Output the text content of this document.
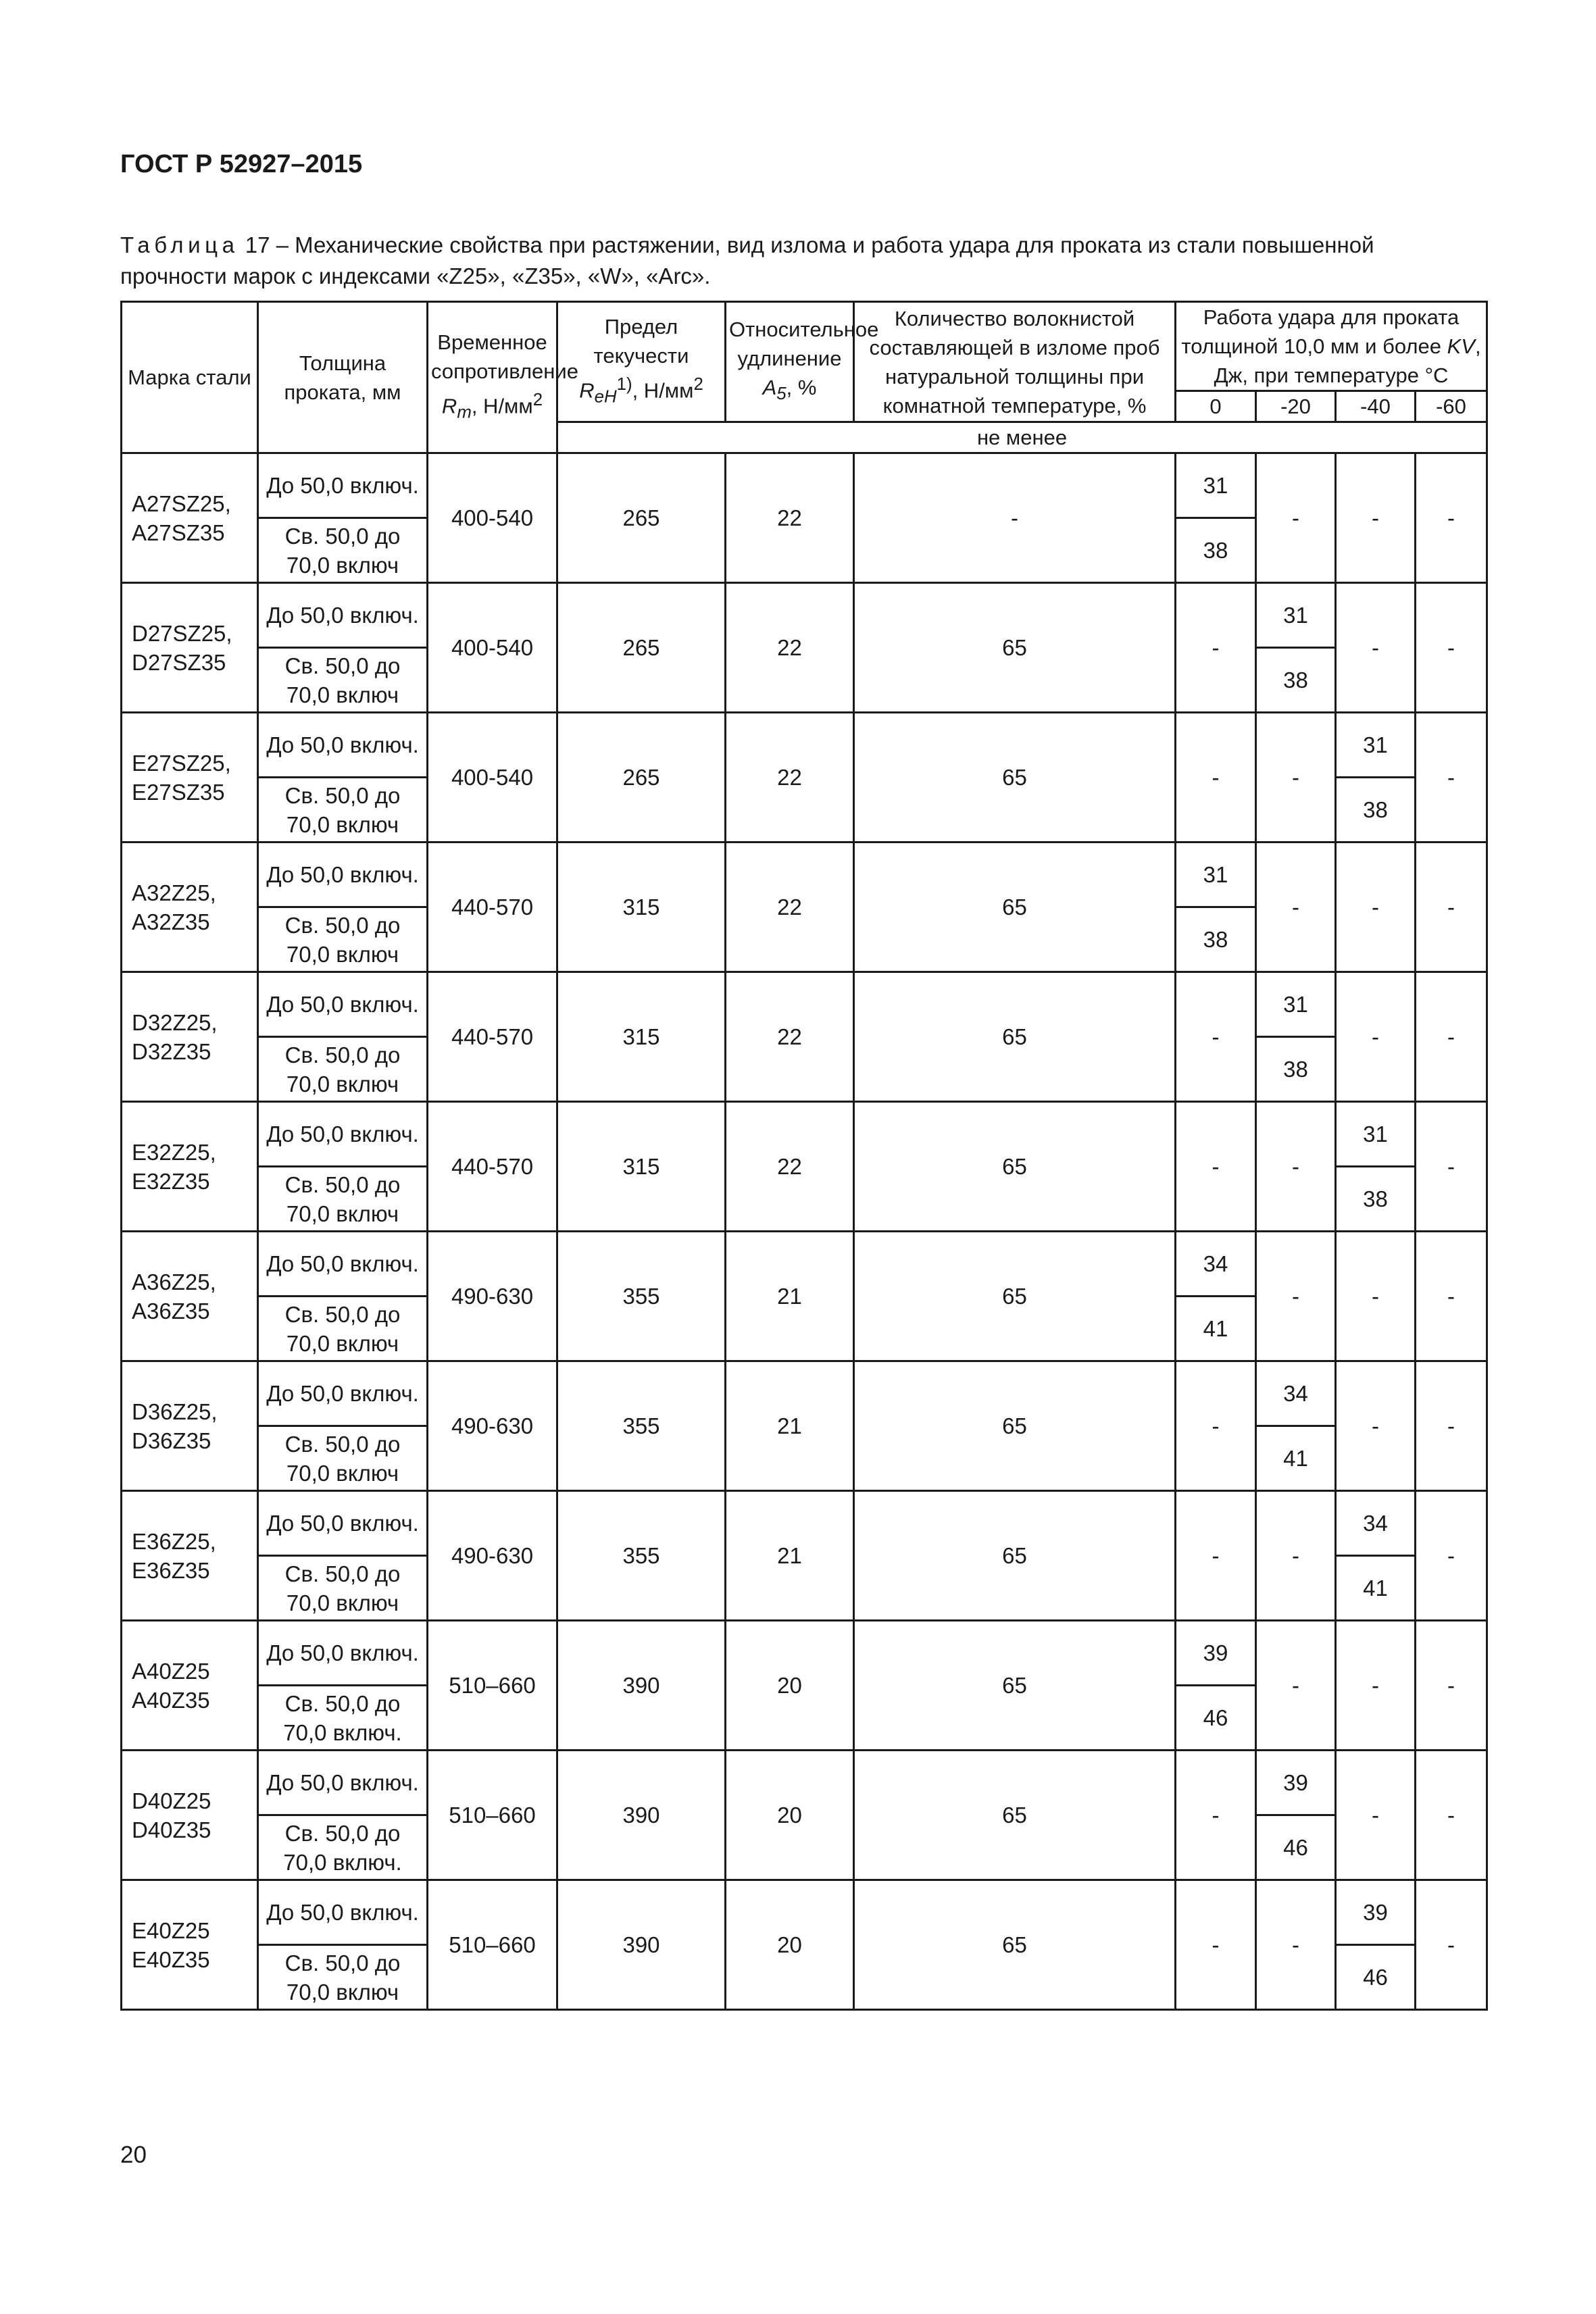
ГОСТ Р 52927–2015

Таблица 17 – Механические свойства при растяжении, вид излома и работа удара для проката из стали повышенной прочности марок с индексами «Z25», «Z35», «W», «Arc».

Марка стали	Толщина проката, мм	Временное сопротивление $R_m$, $Н/мм^2$	Предел текучести
$R_{eH}^{1)}$, $Н/мм^2$	Относительное удлинение $A_5$, %	Количество волокнистой составляющей в изломе проб натуральной толщины при комнатной температуре, %	Работа удара для проката толщиной 10,0 мм и более KV, Дж, при температуре °С			
						0	-20	-40	-60
			не менее						
A27SZ25,
A27SZ35	До 50,0 включ.	400-540	265	22	-	31	-	-	-
	Св. 50,0 до 70,0 включ					38			
D27SZ25,
D27SZ35	До 50,0 включ.	400-540	265	22	65	-	31	-	-
	Св. 50,0 до 70,0 включ						38		
E27SZ25,
E27SZ35	До 50,0 включ.	400-540	265	22	65	-	-	31	-
	Св. 50,0 до 70,0 включ							38	
A32Z25,
A32Z35	До 50,0 включ.	440-570	315	22	65	31	-	-	-
	Св. 50,0 до 70,0 включ					38			
D32Z25,
D32Z35	До 50,0 включ.	440-570	315	22	65	-	31	-	-
	Св. 50,0 до 70,0 включ						38		
E32Z25,
E32Z35	До 50,0 включ.	440-570	315	22	65	-	-	31	-
	Св. 50,0 до 70,0 включ							38	
A36Z25,
A36Z35	До 50,0 включ.	490-630	355	21	65	34	-	-	-
	Св. 50,0 до 70,0 включ					41			
D36Z25,
D36Z35	До 50,0 включ.	490-630	355	21	65	-	34	-	-
	Св. 50,0 до 70,0 включ						41		
E36Z25,
E36Z35	До 50,0 включ.	490-630	355	21	65	-	-	34	-
	Св. 50,0 до 70,0 включ							41	
A40Z25
A40Z35	До 50,0 включ.	510–660	390	20	65	39	-	-	-
	Св. 50,0 до 70,0 включ.					46			
D40Z25
D40Z35	До 50,0 включ.	510–660	390	20	65	-	39	-	-
	Св. 50,0 до 70,0 включ.						46		
E40Z25
E40Z35	До 50,0 включ.	510–660	390	20	65	-	-	39	-
	Св. 50,0 до 70,0 включ							46	

20
